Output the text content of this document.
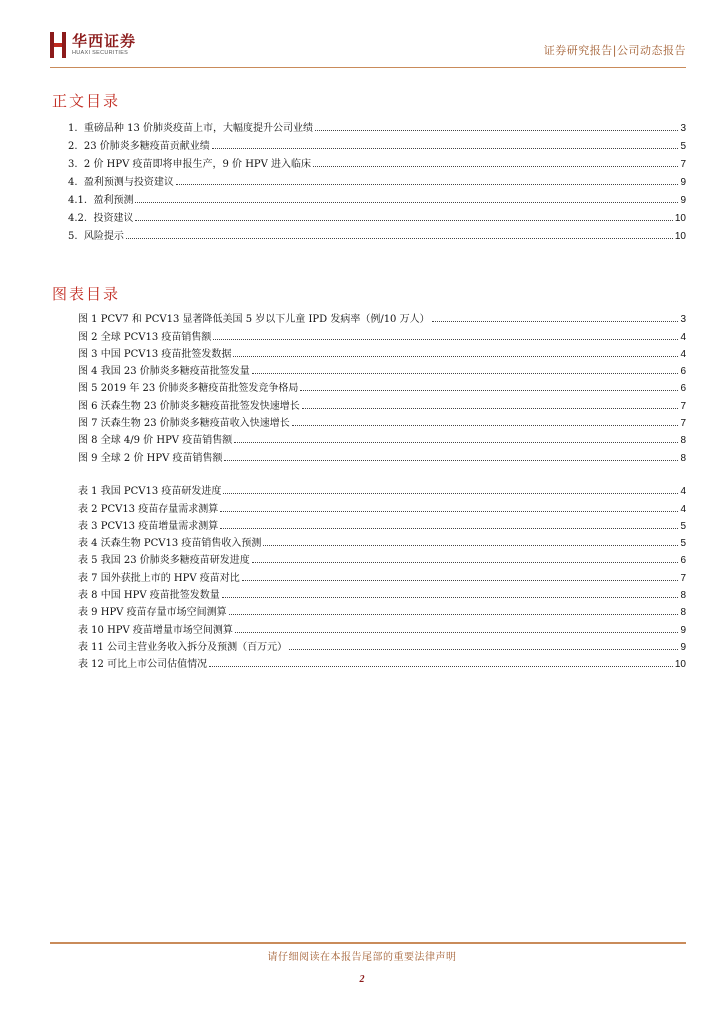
华西证券
HUAXI SECURITIES	证券研究报告|公司动态报告
正文目录
1. 重磅品种 13 价肺炎疫苗上市，大幅度提升公司业绩	3
2. 23 价肺炎多糖疫苗贡献业绩	5
3. 2 价 HPV 疫苗即将申报生产，9 价 HPV 进入临床	7
4. 盈利预测与投资建议	9
4.1. 盈利预测	9
4.2. 投资建议	10
5. 风险提示	10
图表目录
图 1 PCV7 和 PCV13 显著降低美国 5 岁以下儿童 IPD 发病率（例/10 万人）	3
图 2 全球 PCV13 疫苗销售额	4
图 3 中国 PCV13 疫苗批签发数据	4
图 4 我国 23 价肺炎多糖疫苗批签发量	6
图 5 2019 年 23 价肺炎多糖疫苗批签发竞争格局	6
图 6 沃森生物 23 价肺炎多糖疫苗批签发快速增长	7
图 7 沃森生物 23 价肺炎多糖疫苗收入快速增长	7
图 8 全球 4/9 价 HPV 疫苗销售额	8
图 9 全球 2 价 HPV 疫苗销售额	8
表 1 我国 PCV13 疫苗研发进度	4
表 2 PCV13 疫苗存量需求测算	4
表 3 PCV13 疫苗增量需求测算	5
表 4 沃森生物 PCV13 疫苗销售收入预测	5
表 5 我国 23 价肺炎多糖疫苗研发进度	6
表 7 国外获批上市的 HPV 疫苗对比	7
表 8 中国 HPV 疫苗批签发数量	8
表 9 HPV 疫苗存量市场空间测算	8
表 10 HPV 疫苗增量市场空间测算	9
表 11 公司主营业务收入拆分及预测（百万元）	9
表 12 可比上市公司估值情况	10
请仔细阅读在本报告尾部的重要法律声明
2
